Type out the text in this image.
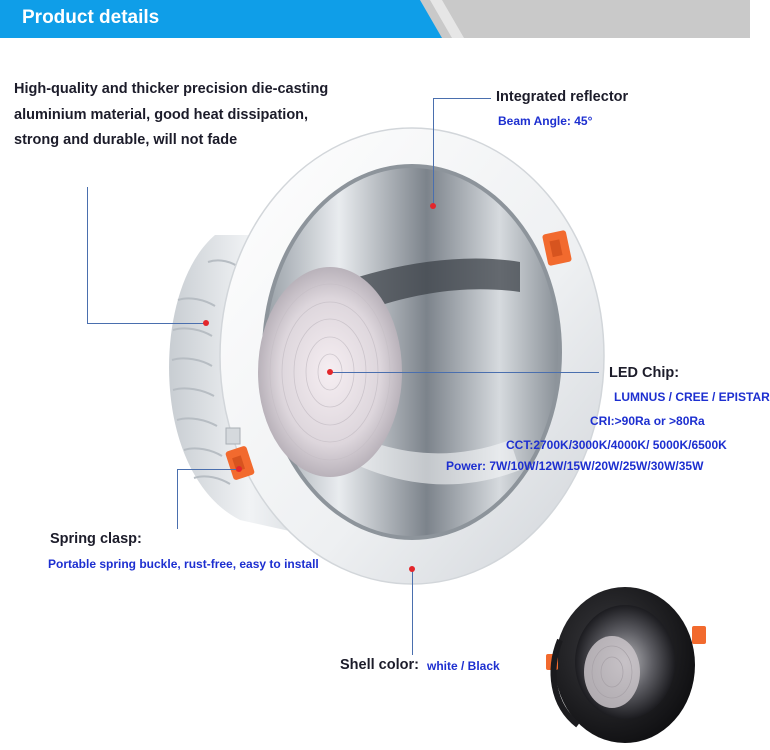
Product details
High-quality and thicker precision die-casting
aluminium material, good heat dissipation,
strong and durable, will not fade
Integrated reflector
Beam Angle: 45°
LED Chip:
LUMNUS / CREE / EPISTAR
CRI:>90Ra or >80Ra
CCT:2700K/3000K/4000K/ 5000K/6500K
Power: 7W/10W/12W/15W/20W/25W/30W/35W
Spring clasp:
Portable spring buckle, rust-free, easy to install
Shell color: white / Black
